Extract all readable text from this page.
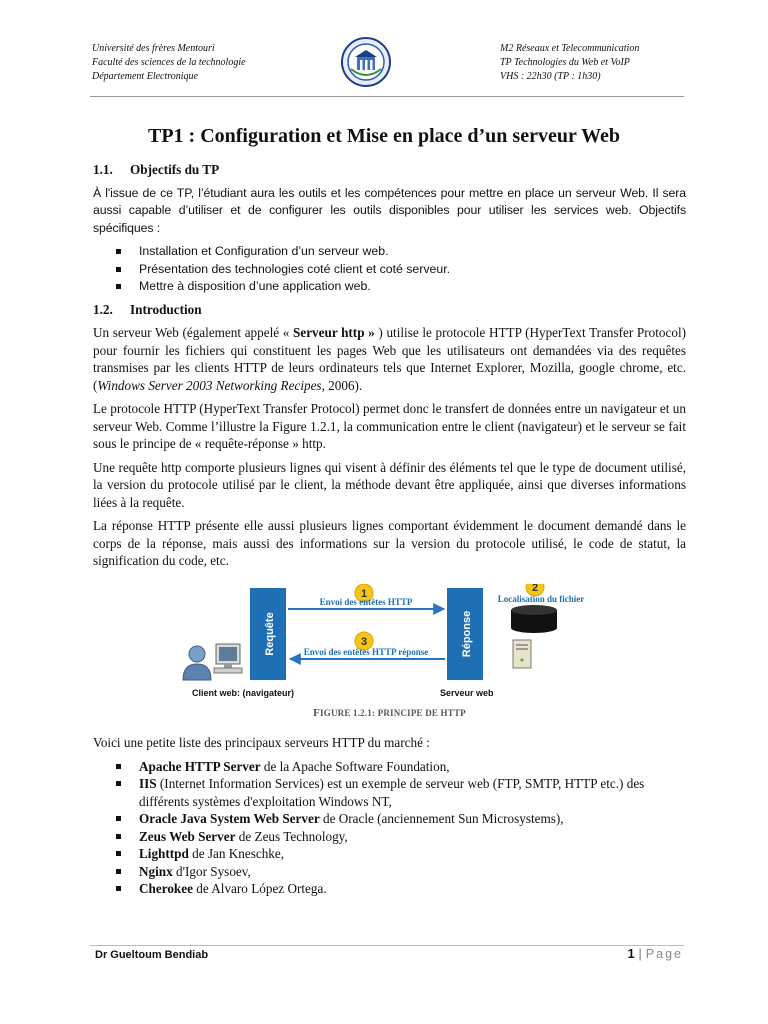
Université des frères Mentouri
Faculté des sciences de la technologie
Département Electronique
M2 Réseaux et Telecommunication
TP Technologies du Web et VoIP
VHS : 22h30 (TP : 1h30)
TP1 : Configuration et Mise en place d’un serveur Web
1.1. Objectifs du TP

À l'issue de ce TP, l’étudiant aura les outils et les compétences pour mettre en place un serveur Web. Il sera aussi capable d’utiliser et de configurer les outils disponibles pour utiliser les services web. Objectifs spécifiques :

Installation et Configuration d’un serveur web.
Présentation des technologies coté client et coté serveur.
Mettre à disposition d’une application web.
1.2. Introduction

Un serveur Web (également appelé « Serveur http » ) utilise le protocole HTTP (HyperText Transfer Protocol) pour fournir les fichiers qui constituent les pages Web que les utilisateurs ont demandées via des requêtes transmises par les clients HTTP de leurs ordinateurs tels que Internet Explorer, Mozilla, google chrome, etc. (Windows Server 2003 Networking Recipes, 2006).

Le protocole HTTP (HyperText Transfer Protocol) permet donc le transfert de données entre un navigateur et un serveur Web. Comme l’illustre la Figure 1.2.1, la communication entre le client (navigateur) et le serveur se fait sous le principe de « requête-réponse » http.

Une requête http comporte plusieurs lignes qui visent à définir des éléments tel que le type de document utilisé, la version du protocole utilisé par le client, la méthode devant être appliquée, ainsi que diverses informations liées à la requête.

La réponse HTTP présente elle aussi plusieurs lignes comportant évidemment le document demandé dans le corps de la réponse, mais aussi des informations sur la version du protocole utilisé, le code de statut, la signification du code, etc.

Requête	Réponse
1
Envoi des entêtes HTTP
3
Envoi des entêtes HTTP réponse
2
Localisation du fichier
Client web: (navigateur)	Serveur web
FIGURE 1.2.1: PRINCIPE DE HTTP

Voici une petite liste des principaux serveurs HTTP du marché :

Apache HTTP Server de la Apache Software Foundation,
IIS (Internet Information Services) est un exemple de serveur web (FTP, SMTP, HTTP etc.) des différents systèmes d'exploitation Windows NT,
Oracle Java System Web Server de Oracle (anciennement Sun Microsystems),
Zeus Web Server de Zeus Technology,
Lighttpd de Jan Kneschke,
Nginx d'Igor Sysoev,
Cherokee de Alvaro López Ortega.
Dr Gueltoum Bendiab	1 | Page
